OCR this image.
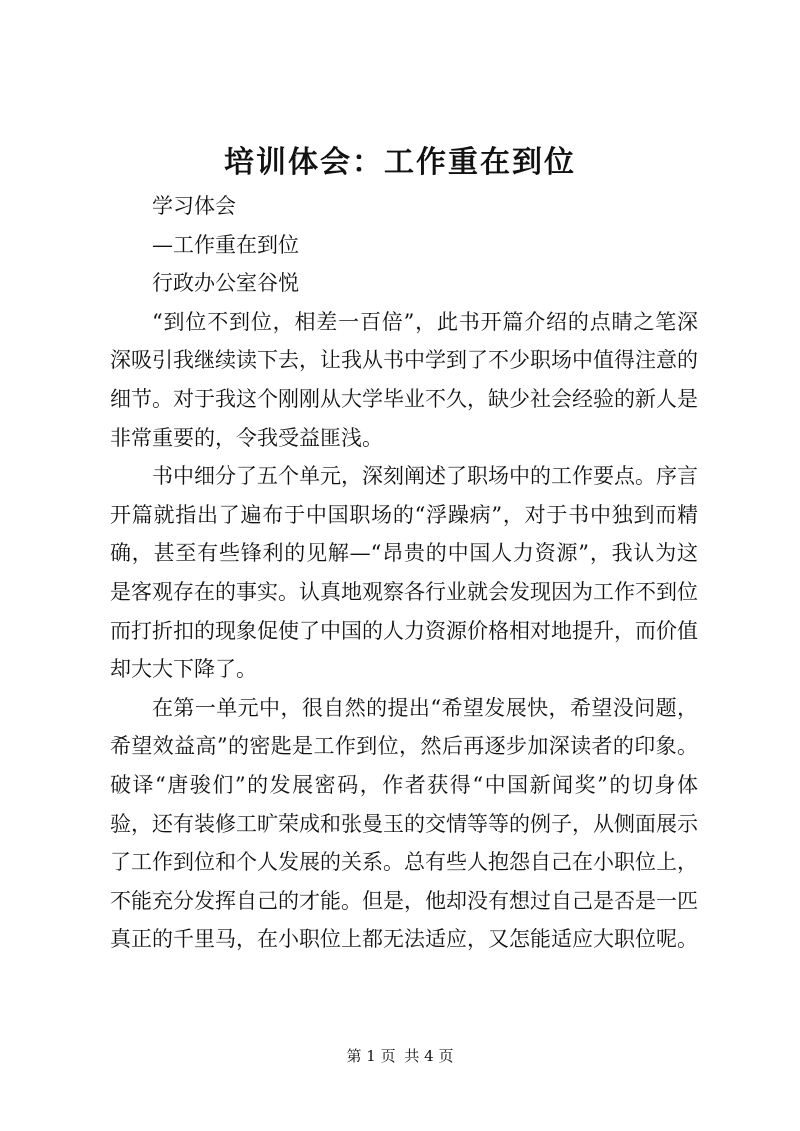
培训体会：工作重在到位
学习体会
—工作重在到位
行政办公室谷悦
“到位不到位，相差一百倍”，此书开篇介绍的点睛之笔深
深吸引我继续读下去，让我从书中学到了不少职场中值得注意的
细节。对于我这个刚刚从大学毕业不久，缺少社会经验的新人是
非常重要的，令我受益匪浅。
书中细分了五个单元，深刻阐述了职场中的工作要点。序言
开篇就指出了遍布于中国职场的“浮躁病”，对于书中独到而精
确，甚至有些锋利的见解—“昂贵的中国人力资源”，我认为这
是客观存在的事实。认真地观察各行业就会发现因为工作不到位
而打折扣的现象促使了中国的人力资源价格相对地提升，而价值
却大大下降了。
在第一单元中，很自然的提出“希望发展快，希望没问题，
希望效益高”的密匙是工作到位，然后再逐步加深读者的印象。
破译“唐骏们”的发展密码，作者获得“中国新闻奖”的切身体
验，还有装修工旷荣成和张曼玉的交情等等的例子，从侧面展示
了工作到位和个人发展的关系。总有些人抱怨自己在小职位上，
不能充分发挥自己的才能。但是，他却没有想过自己是否是一匹
真正的千里马，在小职位上都无法适应，又怎能适应大职位呢。
第 1 页 共 4 页
